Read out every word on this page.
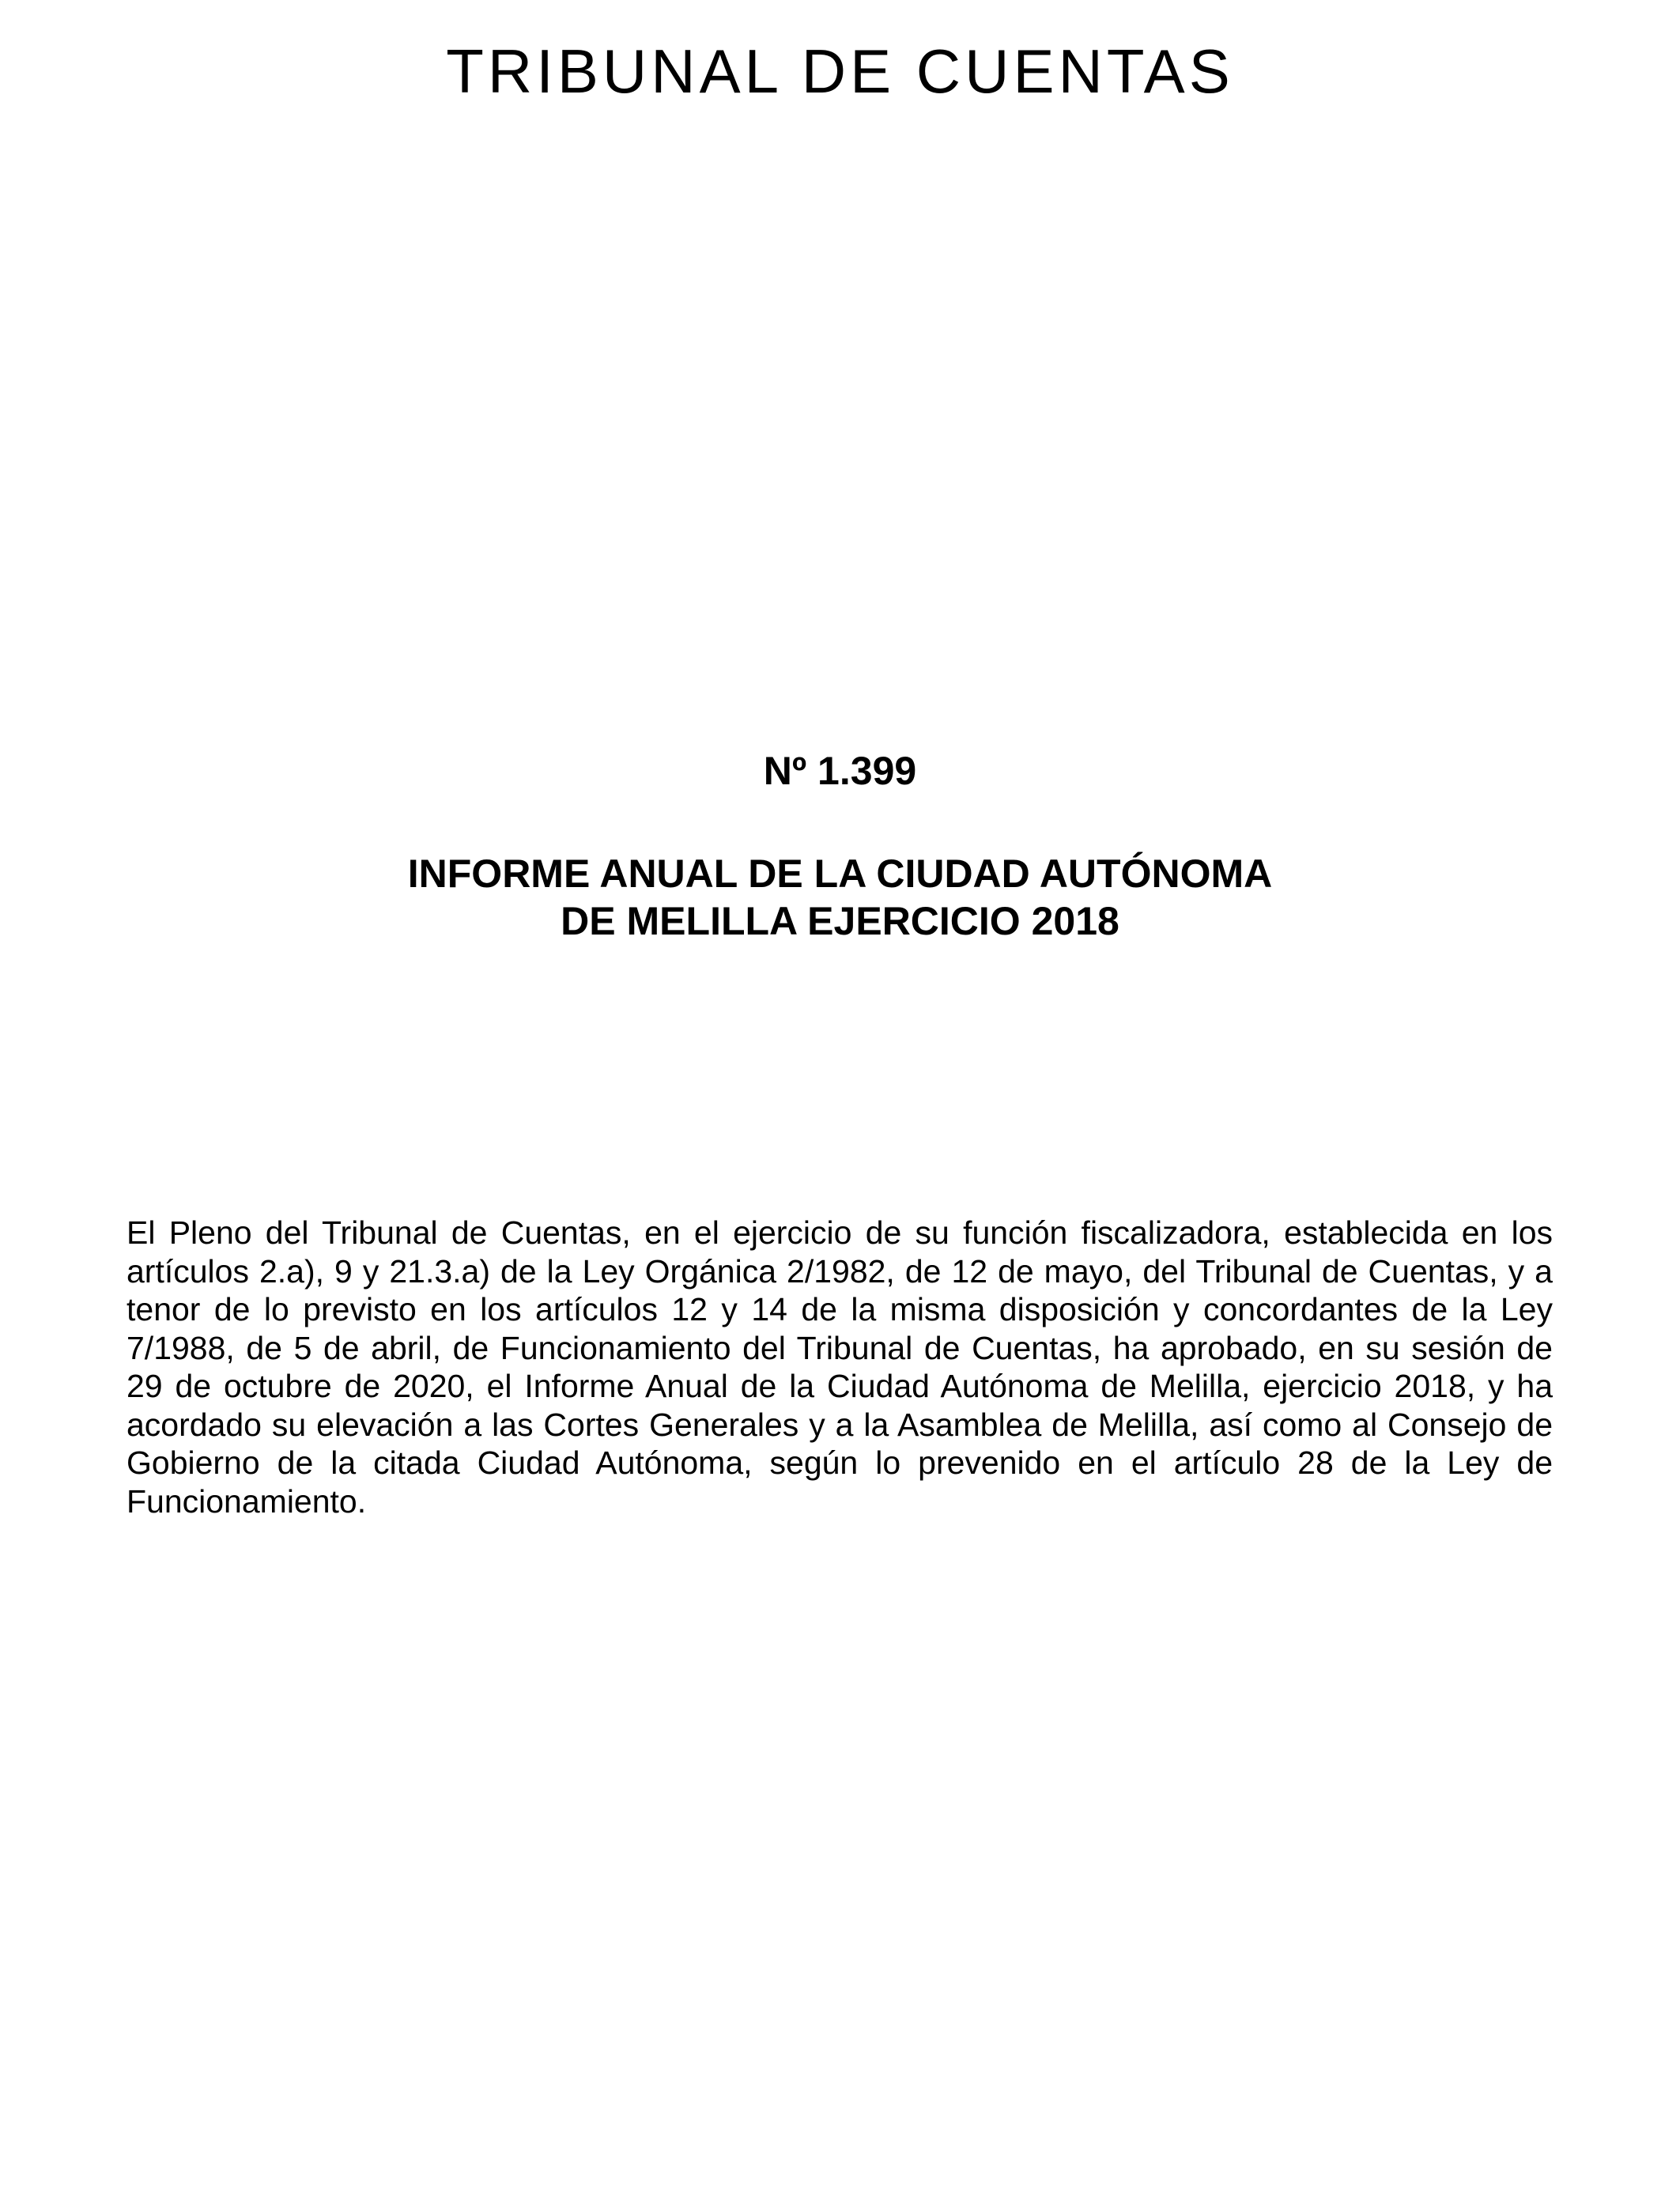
TRIBUNAL DE CUENTAS
Nº 1.399
INFORME ANUAL DE LA CIUDAD AUTÓNOMA
DE MELILLA EJERCICIO 2018

El Pleno del Tribunal de Cuentas, en el ejercicio de su función fiscalizadora, establecida en los artículos 2.a), 9 y 21.3.a) de la Ley Orgánica 2/1982, de 12 de mayo, del Tribunal de Cuentas, y a tenor de lo previsto en los artículos 12 y 14 de la misma disposición y concordantes de la Ley 7/1988, de 5 de abril, de Funcionamiento del Tribunal de Cuentas, ha aprobado, en su sesión de 29 de octubre de 2020, el Informe Anual de la Ciudad Autónoma de Melilla, ejercicio 2018, y ha acordado su elevación a las Cortes Generales y a la Asamblea de Melilla, así como al Consejo de Gobierno de la citada Ciudad Autónoma, según lo prevenido en el artículo 28 de la Ley de Funcionamiento.
